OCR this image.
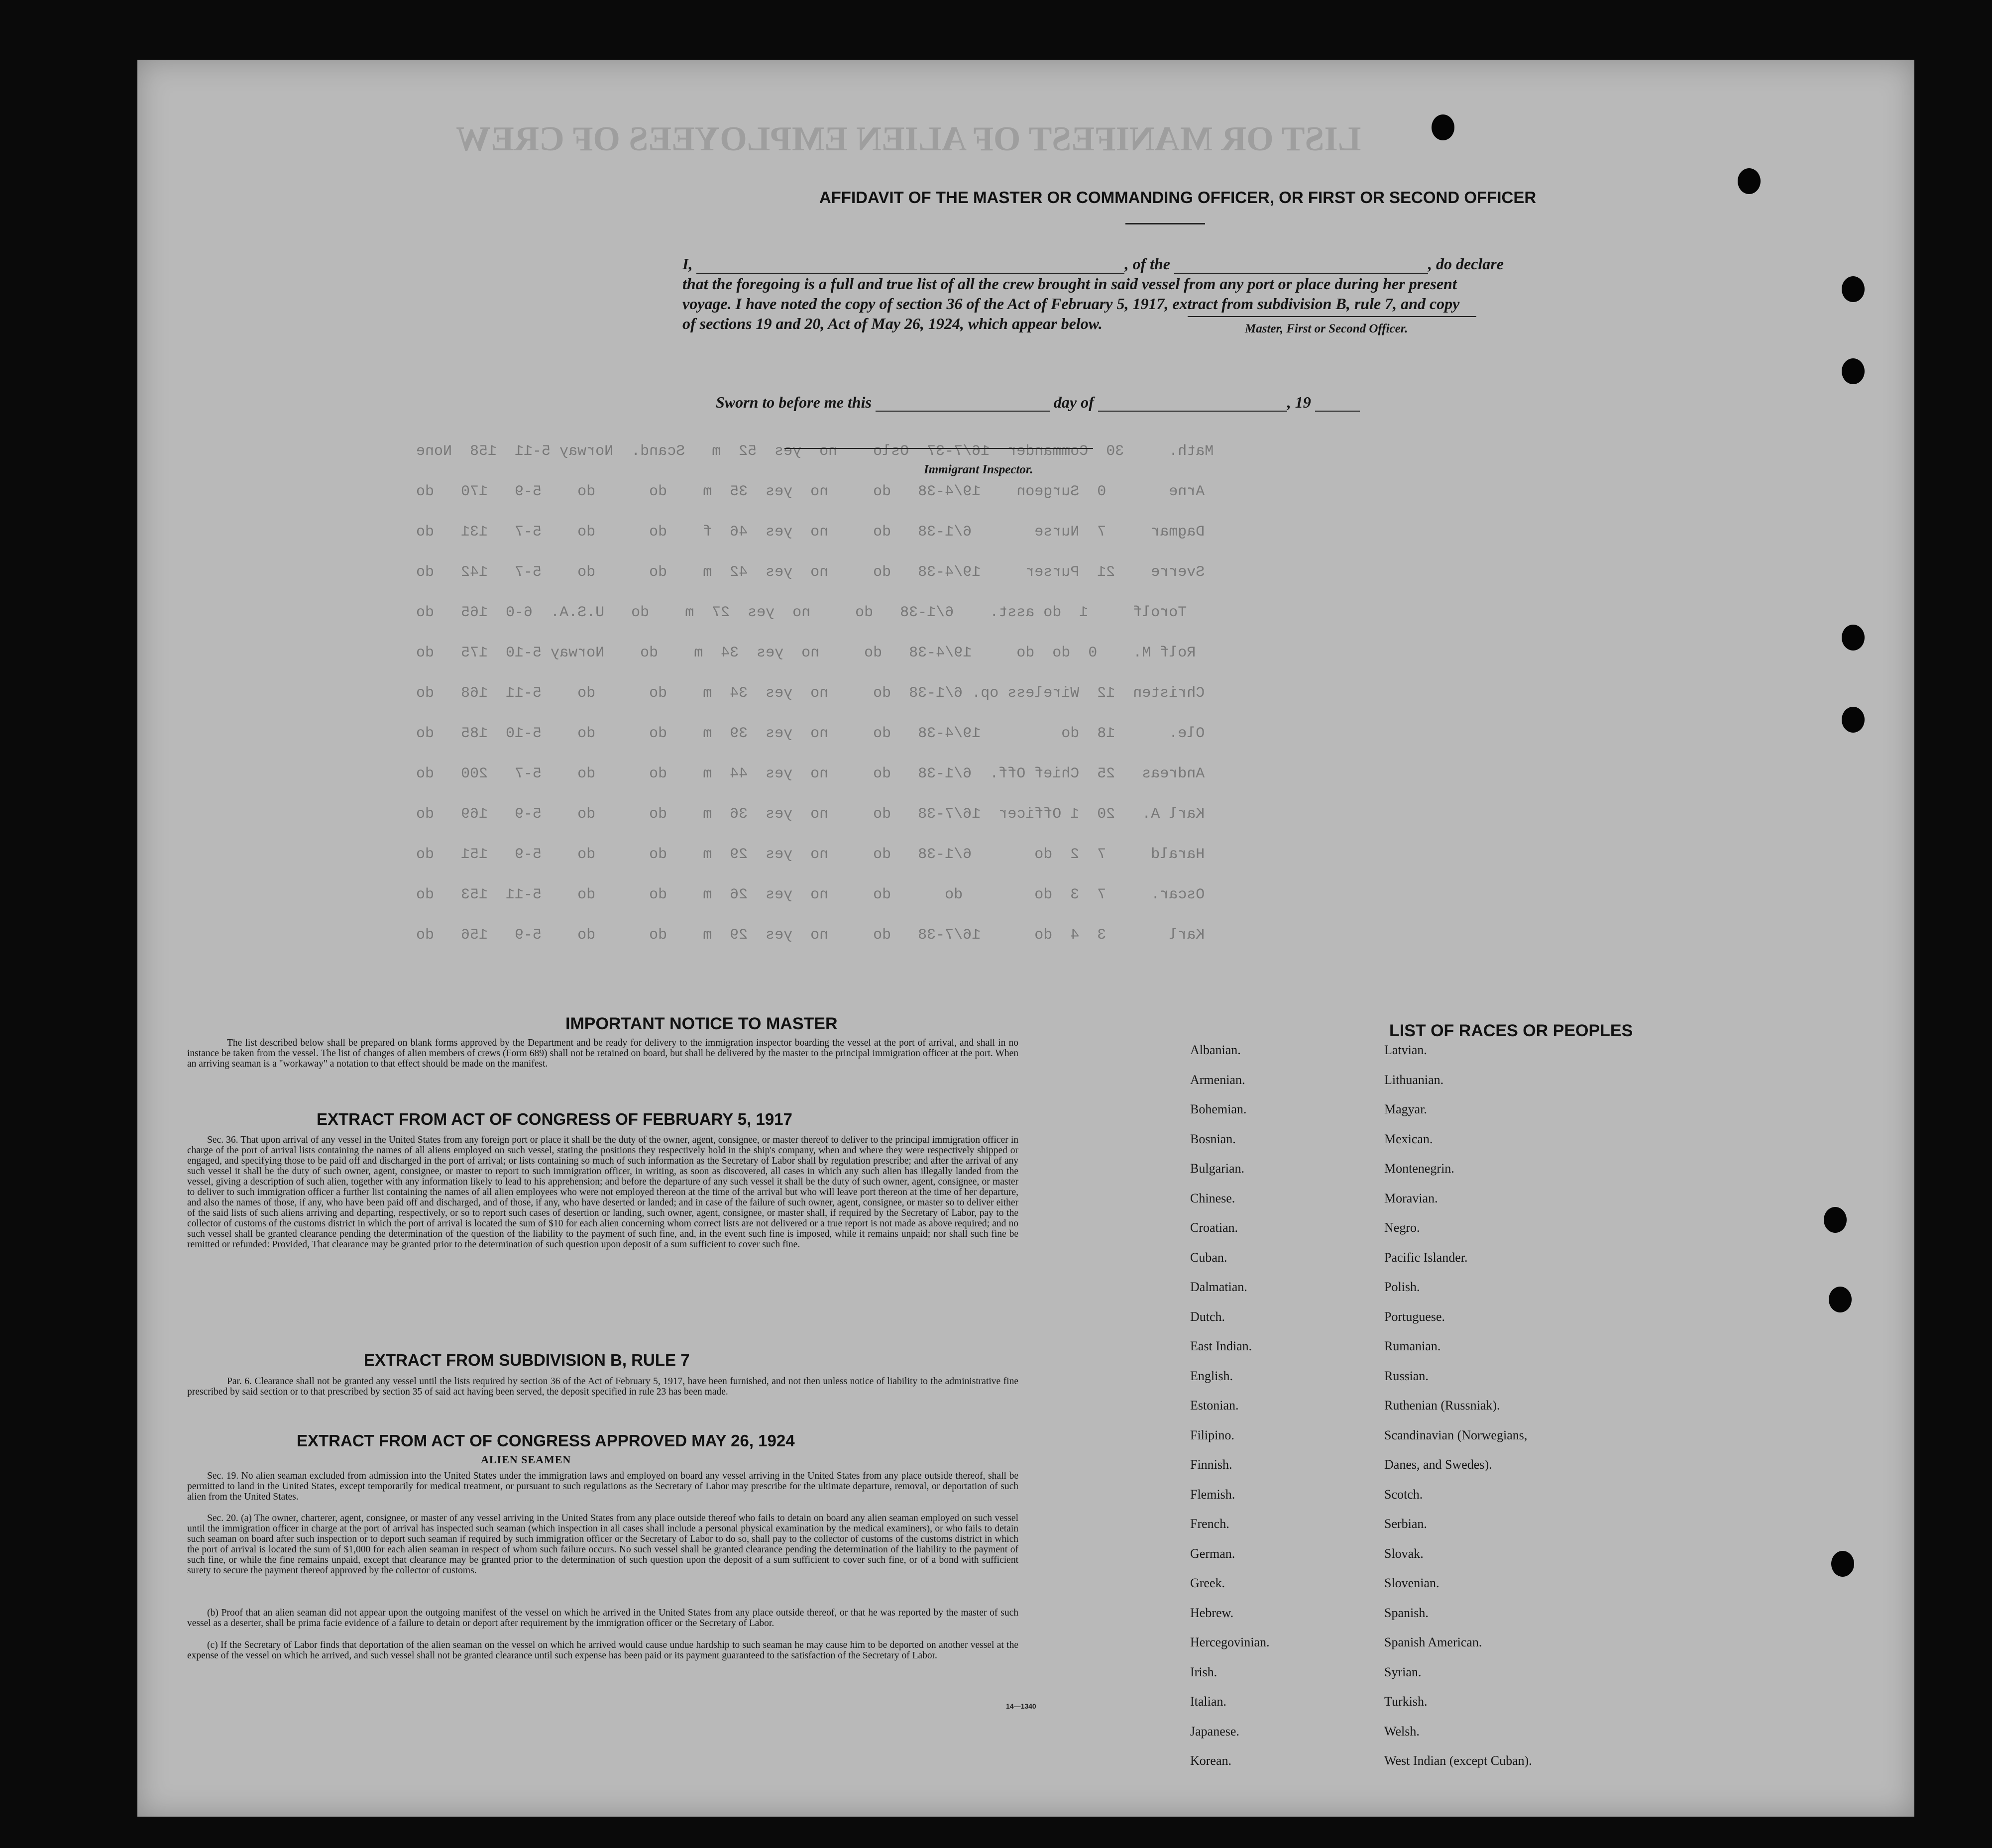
LIST OR MANIFEST OF ALIEN EMPLOYEES OF CREW
Math.     30  Commander  16/7-37  Oslo    no  yes  52  m   Scand.  Norway 5-11  158  None
Arne       0  Surgeon    19/4-38   do     no  yes  35  m    do      do    5-9   170   do
Dagmar     7  Nurse       6/1-38   do     no  yes  46  f    do      do    5-7   131   do
Sverre    21  Purser     19/4-38   do     no  yes  42  m    do      do    5-7   142   do
Torolf     1  do asst.    6/1-38   do     no  yes  27  m    do   U.S.A.  6-0  165   do
Rolf M.    0  do  do     19/4-38   do     no  yes  34  m    do    Norway 5-10  175   do
Christen  12  Wireless op. 6/1-38  do     no  yes  34  m    do      do    5-11  168   do
Ole.      18  do         19/4-38   do     no  yes  39  m    do      do    5-10  185   do
Andreas   25  Chief Off.  6/1-38   do     no  yes  44  m    do      do    5-7   200   do
Karl A.   20  1 Officer  16/7-38   do     no  yes  36  m    do      do    5-9   169   do
Harald     7  2  do       6/1-38   do     no  yes  29  m    do      do    5-9   151   do
Oscar.     7  3  do        do      do     no  yes  26  m    do      do    5-11  153   do
Karl       3  4  do      16/7-38   do     no  yes  29  m    do      do    5-9   156   do
AFFIDAVIT OF THE MASTER OR COMMANDING OFFICER, OR FIRST OR SECOND OFFICER
I,	, of the	, do declare
that the foregoing is a full and true list of all the crew brought in said vessel from any port or place during her present
voyage. I have noted the copy of section 36 of the Act of February 5, 1917, extract from subdivision B, rule 7, and copy
of sections 19 and 20, Act of May 26, 1924, which appear below.	Master, First or Second Officer.
Sworn to before me this	day of	, 19
Immigrant Inspector.
IMPORTANT NOTICE TO MASTER
The list described below shall be prepared on blank forms approved by the Department and be ready for delivery to the immigration inspector boarding the vessel at the port of arrival, and shall in no instance be taken from the vessel. The list of changes of alien members of crews (Form 689) shall not be retained on board, but shall be delivered by the master to the principal immigration officer at the port. When an arriving seaman is a "workaway" a notation to that effect should be made on the manifest.
EXTRACT FROM ACT OF CONGRESS OF FEBRUARY 5, 1917
Sec. 36. That upon arrival of any vessel in the United States from any foreign port or place it shall be the duty of the owner, agent, consignee, or master thereof to deliver to the principal immigration officer in charge of the port of arrival lists containing the names of all aliens employed on such vessel, stating the positions they respectively hold in the ship's company, when and where they were respectively shipped or engaged, and specifying those to be paid off and discharged in the port of arrival; or lists containing so much of such information as the Secretary of Labor shall by regulation prescribe; and after the arrival of any such vessel it shall be the duty of such owner, agent, consignee, or master to report to such immigration officer, in writing, as soon as discovered, all cases in which any such alien has illegally landed from the vessel, giving a description of such alien, together with any information likely to lead to his apprehension; and before the departure of any such vessel it shall be the duty of such owner, agent, consignee, or master to deliver to such immigration officer a further list containing the names of all alien employees who were not employed thereon at the time of the arrival but who will leave port thereon at the time of her departure, and also the names of those, if any, who have been paid off and discharged, and of those, if any, who have deserted or landed; and in case of the failure of such owner, agent, consignee, or master so to deliver either of the said lists of such aliens arriving and departing, respectively, or so to report such cases of desertion or landing, such owner, agent, consignee, or master shall, if required by the Secretary of Labor, pay to the collector of customs of the customs district in which the port of arrival is located the sum of $10 for each alien concerning whom correct lists are not delivered or a true report is not made as above required; and no such vessel shall be granted clearance pending the determination of the question of the liability to the payment of such fine, and, in the event such fine is imposed, while it remains unpaid; nor shall such fine be remitted or refunded: Provided, That clearance may be granted prior to the determination of such question upon deposit of a sum sufficient to cover such fine.
EXTRACT FROM SUBDIVISION B, RULE 7
Par. 6. Clearance shall not be granted any vessel until the lists required by section 36 of the Act of February 5, 1917, have been furnished, and not then unless notice of liability to the administrative fine prescribed by said section or to that prescribed by section 35 of said act having been served, the deposit specified in rule 23 has been made.
EXTRACT FROM ACT OF CONGRESS APPROVED MAY 26, 1924
ALIEN SEAMEN
Sec. 19. No alien seaman excluded from admission into the United States under the immigration laws and employed on board any vessel arriving in the United States from any place outside thereof, shall be permitted to land in the United States, except temporarily for medical treatment, or pursuant to such regulations as the Secretary of Labor may prescribe for the ultimate departure, removal, or deportation of such alien from the United States.
Sec. 20. (a) The owner, charterer, agent, consignee, or master of any vessel arriving in the United States from any place outside thereof who fails to detain on board any alien seaman employed on such vessel until the immigration officer in charge at the port of arrival has inspected such seaman (which inspection in all cases shall include a personal physical examination by the medical examiners), or who fails to detain such seaman on board after such inspection or to deport such seaman if required by such immigration officer or the Secretary of Labor to do so, shall pay to the collector of customs of the customs district in which the port of arrival is located the sum of $1,000 for each alien seaman in respect of whom such failure occurs. No such vessel shall be granted clearance pending the determination of the liability to the payment of such fine, or while the fine remains unpaid, except that clearance may be granted prior to the determination of such question upon the deposit of a sum sufficient to cover such fine, or of a bond with sufficient surety to secure the payment thereof approved by the collector of customs.
(b) Proof that an alien seaman did not appear upon the outgoing manifest of the vessel on which he arrived in the United States from any place outside thereof, or that he was reported by the master of such vessel as a deserter, shall be prima facie evidence of a failure to detain or deport after requirement by the immigration officer or the Secretary of Labor.
(c) If the Secretary of Labor finds that deportation of the alien seaman on the vessel on which he arrived would cause undue hardship to such seaman he may cause him to be deported on another vessel at the expense of the vessel on which he arrived, and such vessel shall not be granted clearance until such expense has been paid or its payment guaranteed to the satisfaction of the Secretary of Labor.
14—1340
LIST OF RACES OR PEOPLES
Albanian.
Armenian.
Bohemian.
Bosnian.
Bulgarian.
Chinese.
Croatian.
Cuban.
Dalmatian.
Dutch.
East Indian.
English.
Estonian.
Filipino.
Finnish.
Flemish.
French.
German.
Greek.
Hebrew.
Hercegovinian.
Irish.
Italian.
Japanese.
Korean.
Latvian.
Lithuanian.
Magyar.
Mexican.
Montenegrin.
Moravian.
Negro.
Pacific Islander.
Polish.
Portuguese.
Rumanian.
Russian.
Ruthenian (Russniak).
Scandinavian (Norwegians,
Danes, and Swedes).
Scotch.
Serbian.
Slovak.
Slovenian.
Spanish.
Spanish American.
Syrian.
Turkish.
Welsh.
West Indian (except Cuban).
